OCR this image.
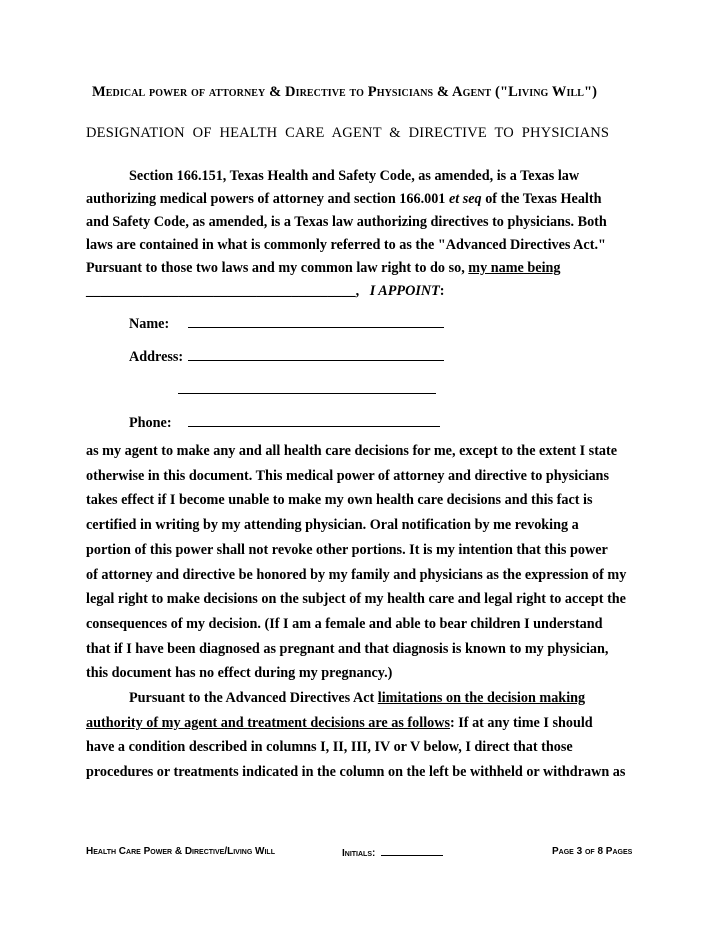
Medical power of attorney & Directive to Physicians & Agent ("Living Will")
DESIGNATION OF HEALTH CARE AGENT & DIRECTIVE TO PHYSICIANS
Section 166.151, Texas Health and Safety Code, as amended, is a Texas law
authorizing medical powers of attorney and section 166.001 et seq of the Texas Health
and Safety Code, as amended, is a Texas law authorizing directives to physicians. Both
laws are contained in what is commonly referred to as the "Advanced Directives Act."
Pursuant to those two laws and my common law right to do so, my name being
______________________________________,   I APPOINT:
Name:
Address:
Phone:
as my agent to make any and all health care decisions for me, except to the extent I state
otherwise in this document. This medical power of attorney and directive to physicians
takes effect if I become unable to make my own health care decisions and this fact is
certified in writing by my attending physician. Oral notification by me revoking a
portion of this power shall not revoke other portions. It is my intention that this power
of attorney and directive be honored by my family and physicians as the expression of my
legal right to make decisions on the subject of my health care and legal right to accept the
consequences of my decision. (If I am a female and able to bear children I understand
that if I have been diagnosed as pregnant and that diagnosis is known to my physician,
this document has no effect during my pregnancy.)
Pursuant to the Advanced Directives Act limitations on the decision making
authority of my agent and treatment decisions are as follows: If at any time I should
have a condition described in columns I, II, III, IV or V below, I direct that those
procedures or treatments indicated in the column on the left be withheld or withdrawn as
Health Care Power & Directive/Living Will	Initials:	Page 3 of 8 Pages
